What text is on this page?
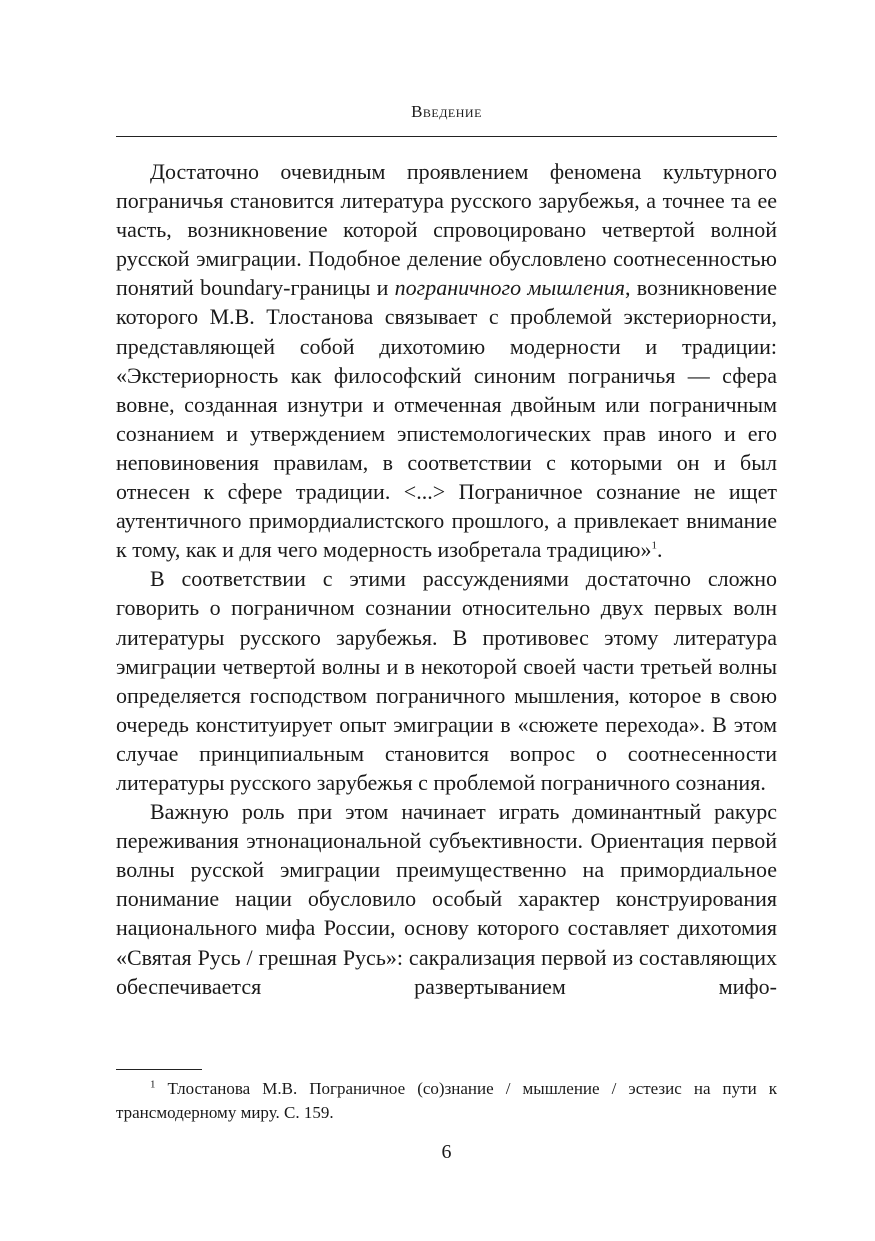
Введение

Достаточно очевидным проявлением феномена культурного пограничья становится литература русского зарубежья, а точнее та ее часть, возникновение которой спровоцировано четвертой волной русской эмиграции. Подобное деление обусловлено соотнесенностью понятий boundary-границы и пограничного мышления, возникновение которого М.В. Тлостанова связывает с проблемой экстериорности, представляющей собой дихотомию модерности и традиции: «Экстериорность как философский синоним пограничья — сфера вовне, созданная изнутри и отмеченная двойным или пограничным сознанием и утверждением эпистемологических прав иного и его неповиновения правилам, в соответствии с которыми он и был отнесен к сфере традиции. <...> Пограничное сознание не ищет аутентичного примордиалистского прошлого, а привлекает внимание к тому, как и для чего модерность изобретала традицию»$^1$.

В соответствии с этими рассуждениями достаточно сложно говорить о пограничном сознании относительно двух первых волн литературы русского зарубежья. В противовес этому литература эмиграции четвертой волны и в некоторой своей части третьей волны определяется господством пограничного мышления, которое в свою очередь конституирует опыт эмиграции в «сюжете перехода». В этом случае принципиальным становится вопрос о соотнесенности литературы русского зарубежья с проблемой пограничного сознания.

Важную роль при этом начинает играть доминантный ракурс переживания этнонациональной субъективности. Ориентация первой волны русской эмиграции преимущественно на примордиальное понимание нации обусловило особый характер конструирования национального мифа России, основу которого составляет дихотомия «Святая Русь / грешная Русь»: сакрализация первой из составляющих обеспечивается развертыванием мифо-

$^1$ Тлостанова М.В. Пограничное (со)знание / мышление / эстезис на пути к трансмодерному миру. С. 159.

6
